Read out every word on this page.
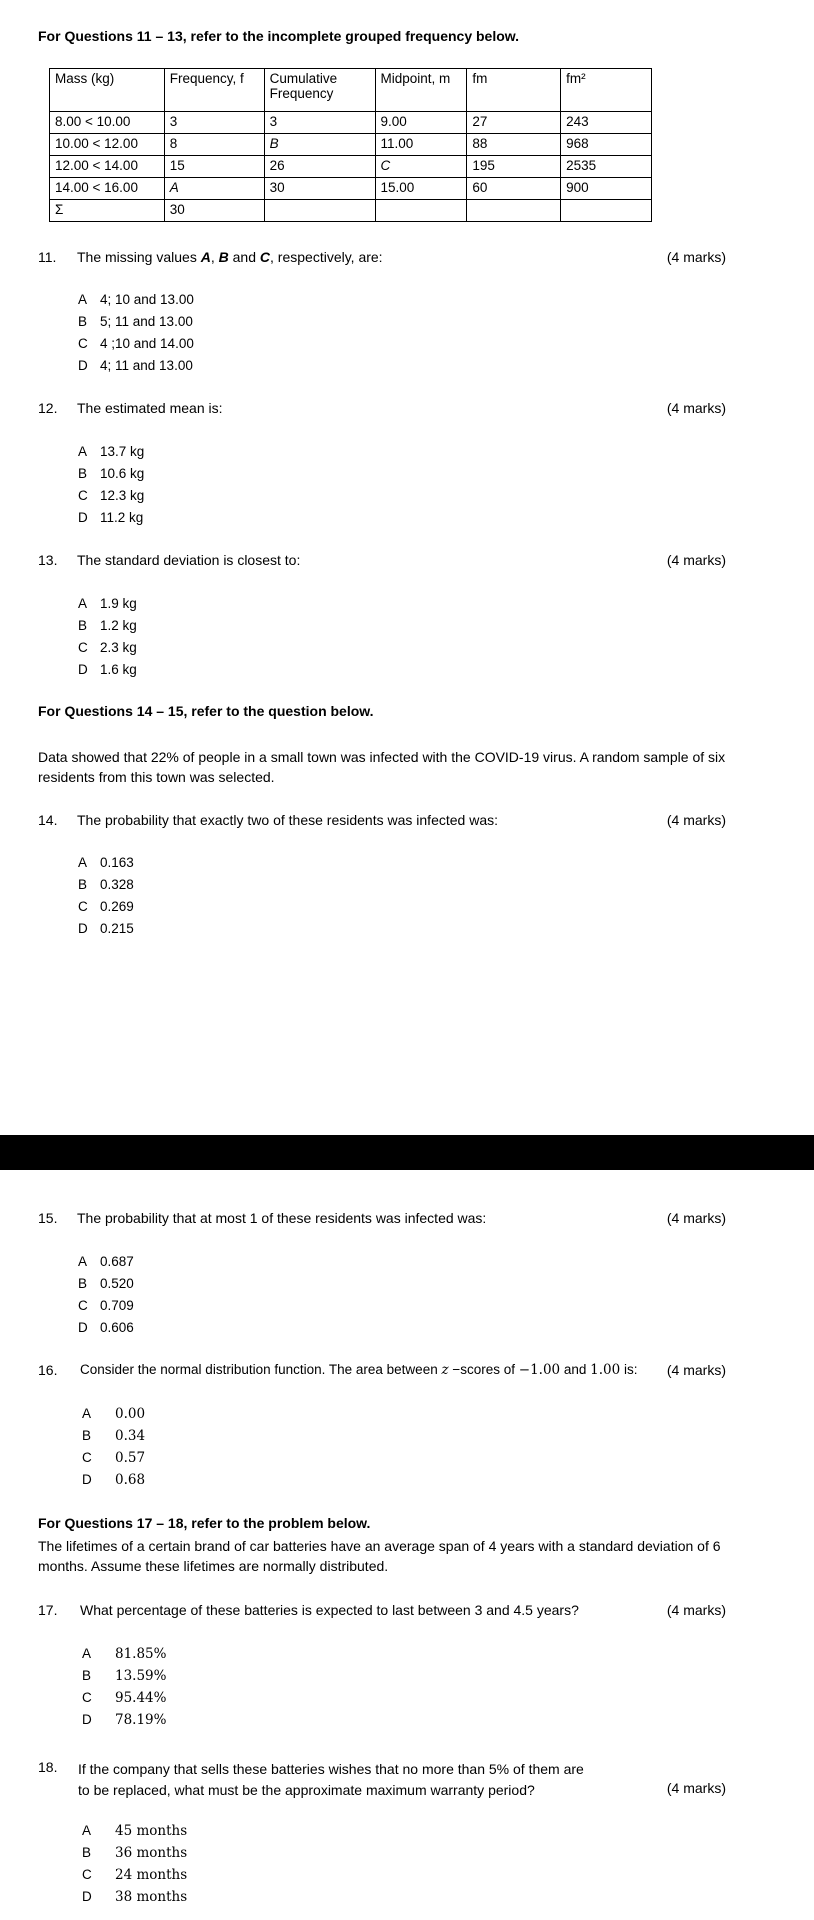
For Questions 11 – 13, refer to the incomplete grouped frequency below.
Mass (kg)	Frequency, f	Cumulative Frequency	Midpoint, m	fm	fm²
8.00 < 10.00	3	3	9.00	27	243
10.00 < 12.00	8	B	11.00	88	968
12.00 < 14.00	15	26	C	195	2535
14.00 < 16.00	A	30	15.00	60	900
Σ	30				
11. The missing values A, B and C, respectively, are:	(4 marks)
A 4; 10 and 13.00
B 5; 11 and 13.00
C 4 ;10 and 14.00
D 4; 11 and 13.00
12. The estimated mean is:	(4 marks)
A 13.7 kg
B 10.6 kg
C 12.3 kg
D 11.2 kg
13. The standard deviation is closest to:	(4 marks)
A 1.9 kg
B 1.2 kg
C 2.3 kg
D 1.6 kg
For Questions 14 – 15, refer to the question below.
Data showed that 22% of people in a small town was infected with the COVID-19 virus. A random sample of six residents from this town was selected.
14. The probability that exactly two of these residents was infected was:	(4 marks)
A 0.163
B 0.328
C 0.269
D 0.215
15. The probability that at most 1 of these residents was infected was:	(4 marks)
A 0.687
B 0.520
C 0.709
D 0.606
16. Consider the normal distribution function. The area between z −scores of −1.00 and 1.00 is: (4 marks)
A 0.00
B 0.34
C 0.57
D 0.68
For Questions 17 – 18, refer to the problem below.
The lifetimes of a certain brand of car batteries have an average span of 4 years with a standard deviation of 6 months. Assume these lifetimes are normally distributed.
17. What percentage of these batteries is expected to last between 3 and 4.5 years?	(4 marks)
A 81.85%
B 13.59%
C 95.44%
D 78.19%
18. If the company that sells these batteries wishes that no more than 5% of them are
to be replaced, what must be the approximate maximum warranty period?	(4 marks)
A 45 months
B 36 months
C 24 months
D 38 months
